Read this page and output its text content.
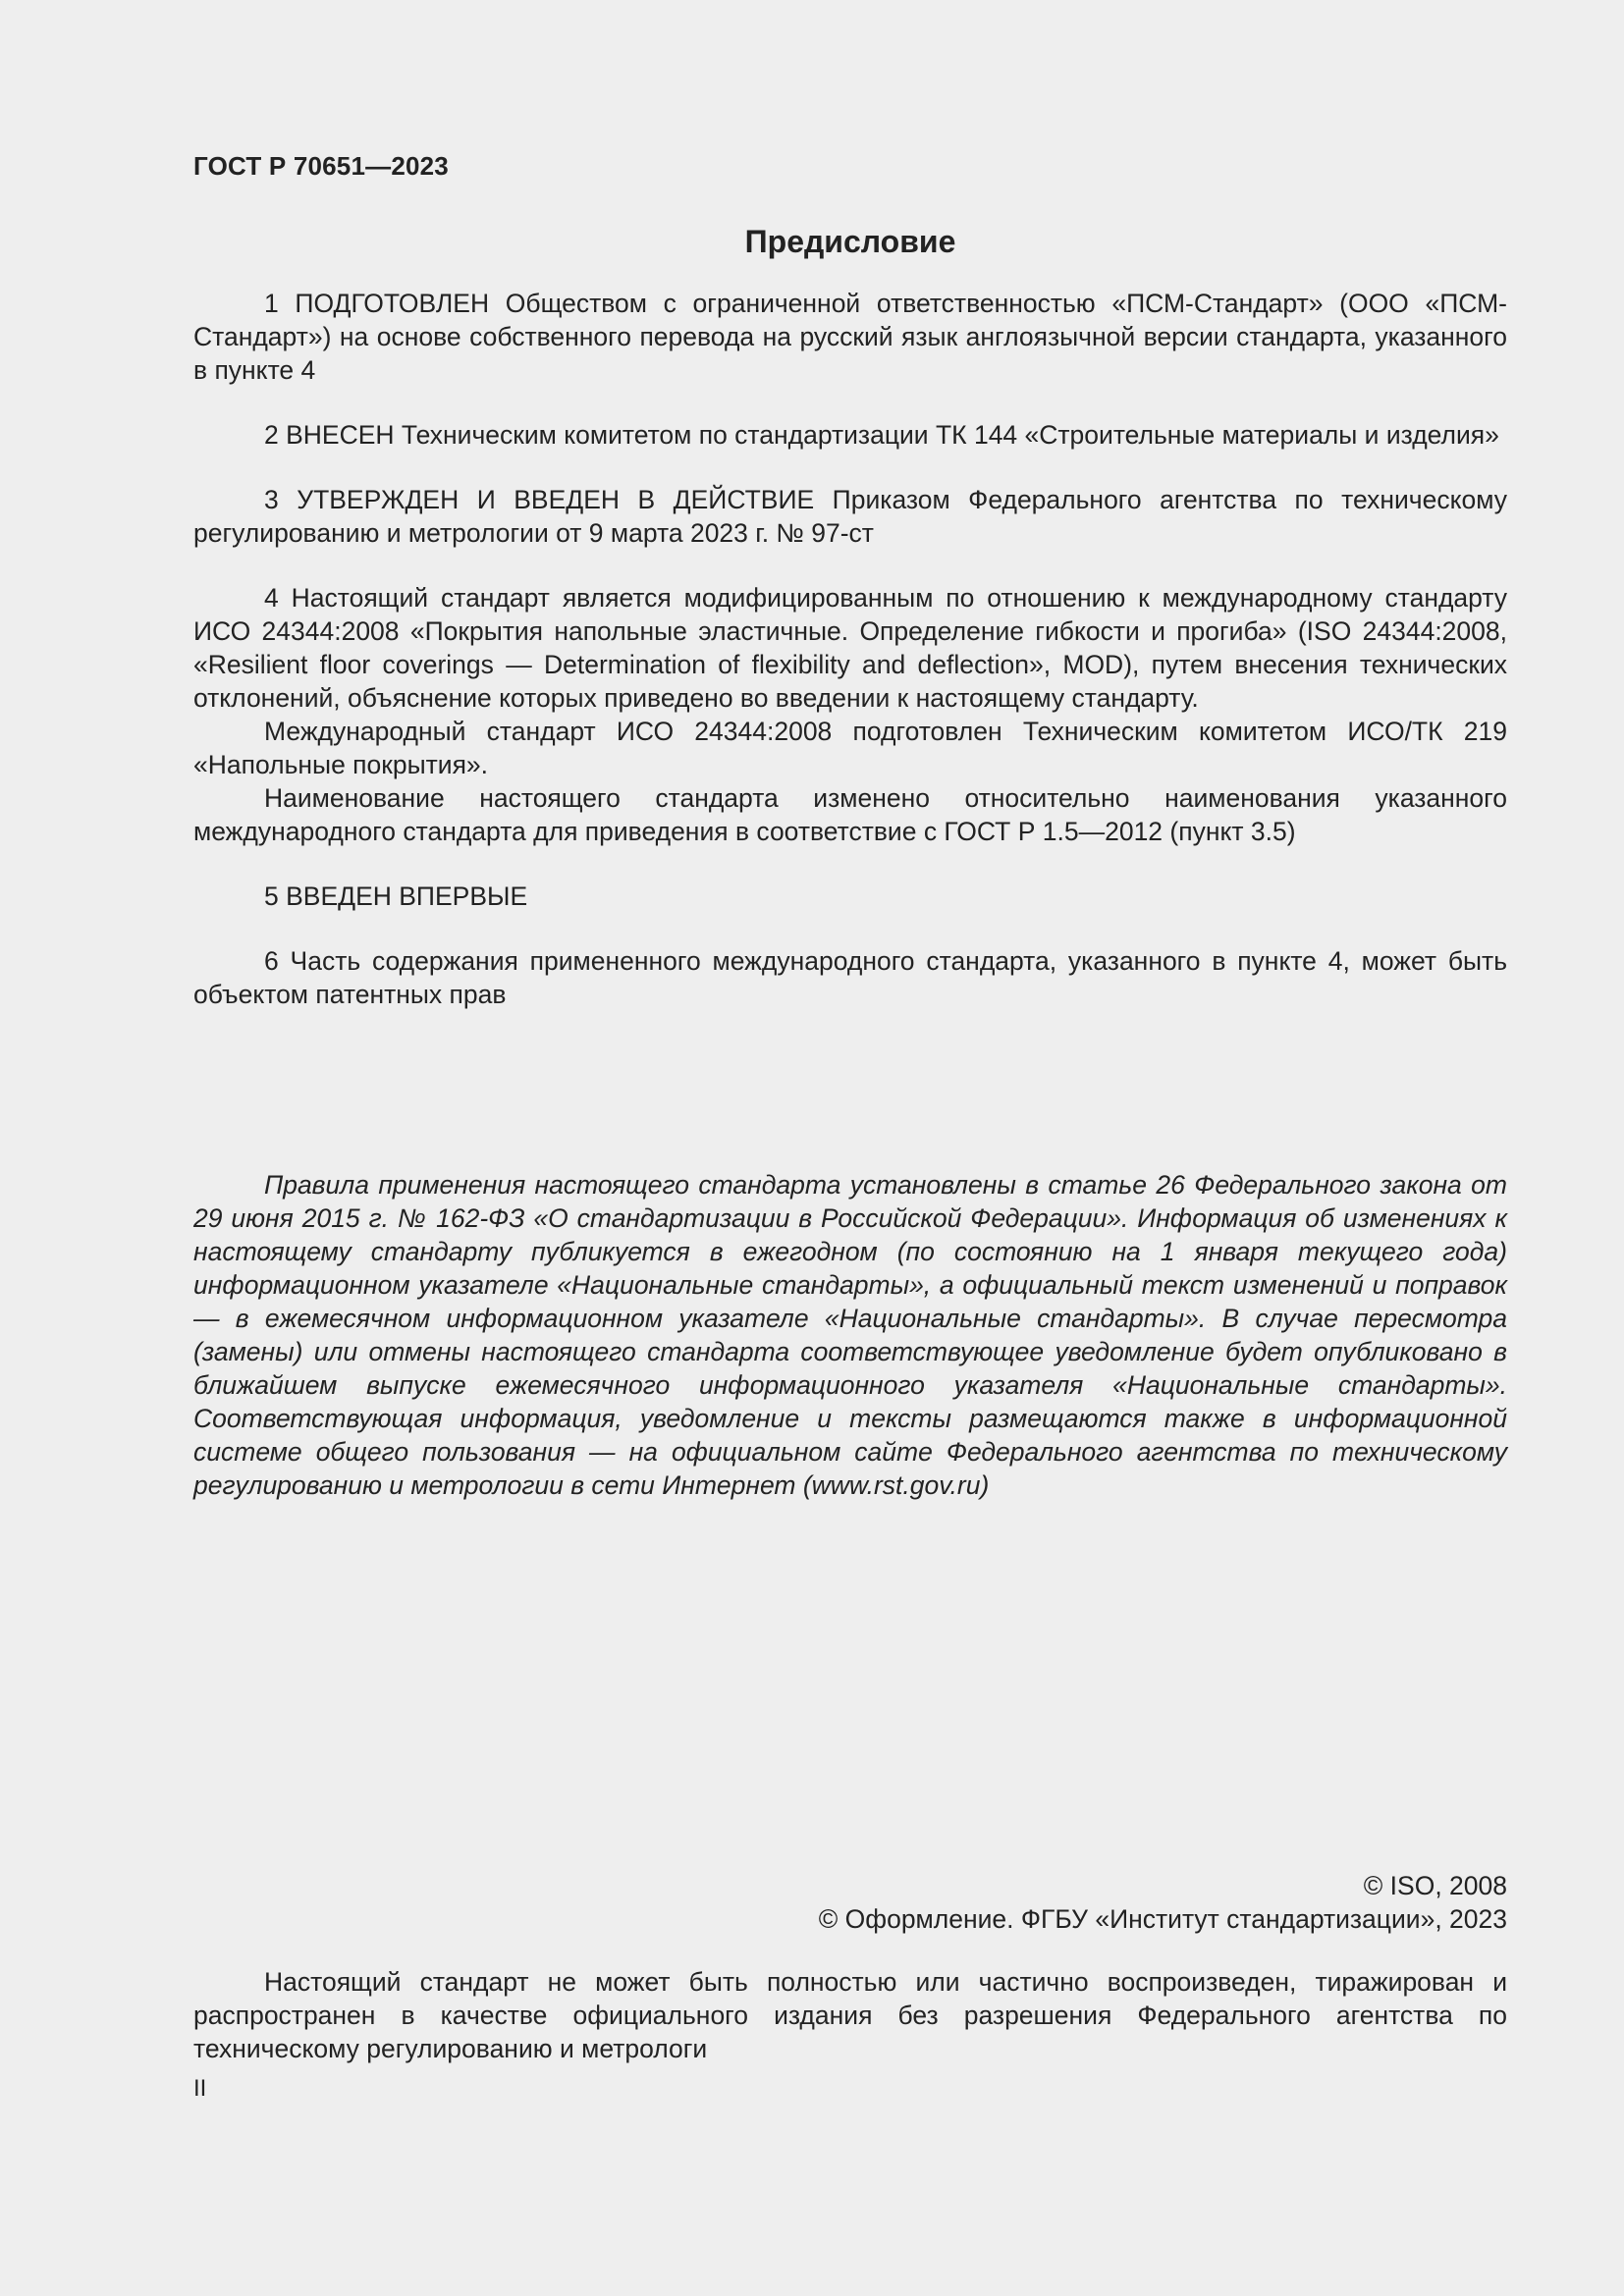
ГОСТ Р 70651—2023
Предисловие

1 ПОДГОТОВЛЕН Обществом с ограниченной ответственностью «ПСМ-Стандарт» (ООО «ПСМ-Стандарт») на основе собственного перевода на русский язык англоязычной версии стандарта, указанного в пункте 4

2 ВНЕСЕН Техническим комитетом по стандартизации ТК 144 «Строительные материалы и изделия»

3 УТВЕРЖДЕН И ВВЕДЕН В ДЕЙСТВИЕ Приказом Федерального агентства по техническому регулированию и метрологии от 9 марта 2023 г. № 97-ст

4 Настоящий стандарт является модифицированным по отношению к международному стандарту ИСО 24344:2008 «Покрытия напольные эластичные. Определение гибкости и прогиба» (ISO 24344:2008, «Resilient floor coverings — Determination of flexibility and deflection», MOD), путем внесения технических отклонений, объяснение которых приведено во введении к настоящему стандарту.

Международный стандарт ИСО 24344:2008 подготовлен Техническим комитетом ИСО/ТК 219 «Напольные покрытия».

Наименование настоящего стандарта изменено относительно наименования указанного международного стандарта для приведения в соответствие с ГОСТ Р 1.5—2012 (пункт 3.5)

5 ВВЕДЕН ВПЕРВЫЕ

6 Часть содержания примененного международного стандарта, указанного в пункте 4, может быть объектом патентных прав

Правила применения настоящего стандарта установлены в статье 26 Федерального закона от 29 июня 2015 г. № 162-ФЗ «О стандартизации в Российской Федерации». Информация об изменениях к настоящему стандарту публикуется в ежегодном (по состоянию на 1 января текущего года) информационном указателе «Национальные стандарты», а официальный текст изменений и поправок — в ежемесячном информационном указателе «Национальные стандарты». В случае пересмотра (замены) или отмены настоящего стандарта соответствующее уведомление будет опубликовано в ближайшем выпуске ежемесячного информационного указателя «Национальные стандарты». Соответствующая информация, уведомление и тексты размещаются также в информационной системе общего пользования — на официальном сайте Федерального агентства по техническому регулированию и метрологии в сети Интернет (www.rst.gov.ru)

© ISO, 2008
© Оформление. ФГБУ «Институт стандартизации», 2023

Настоящий стандарт не может быть полностью или частично воспроизведен, тиражирован и распространен в качестве официального издания без разрешения Федерального агентства по техническому регулированию и метрологи

II
